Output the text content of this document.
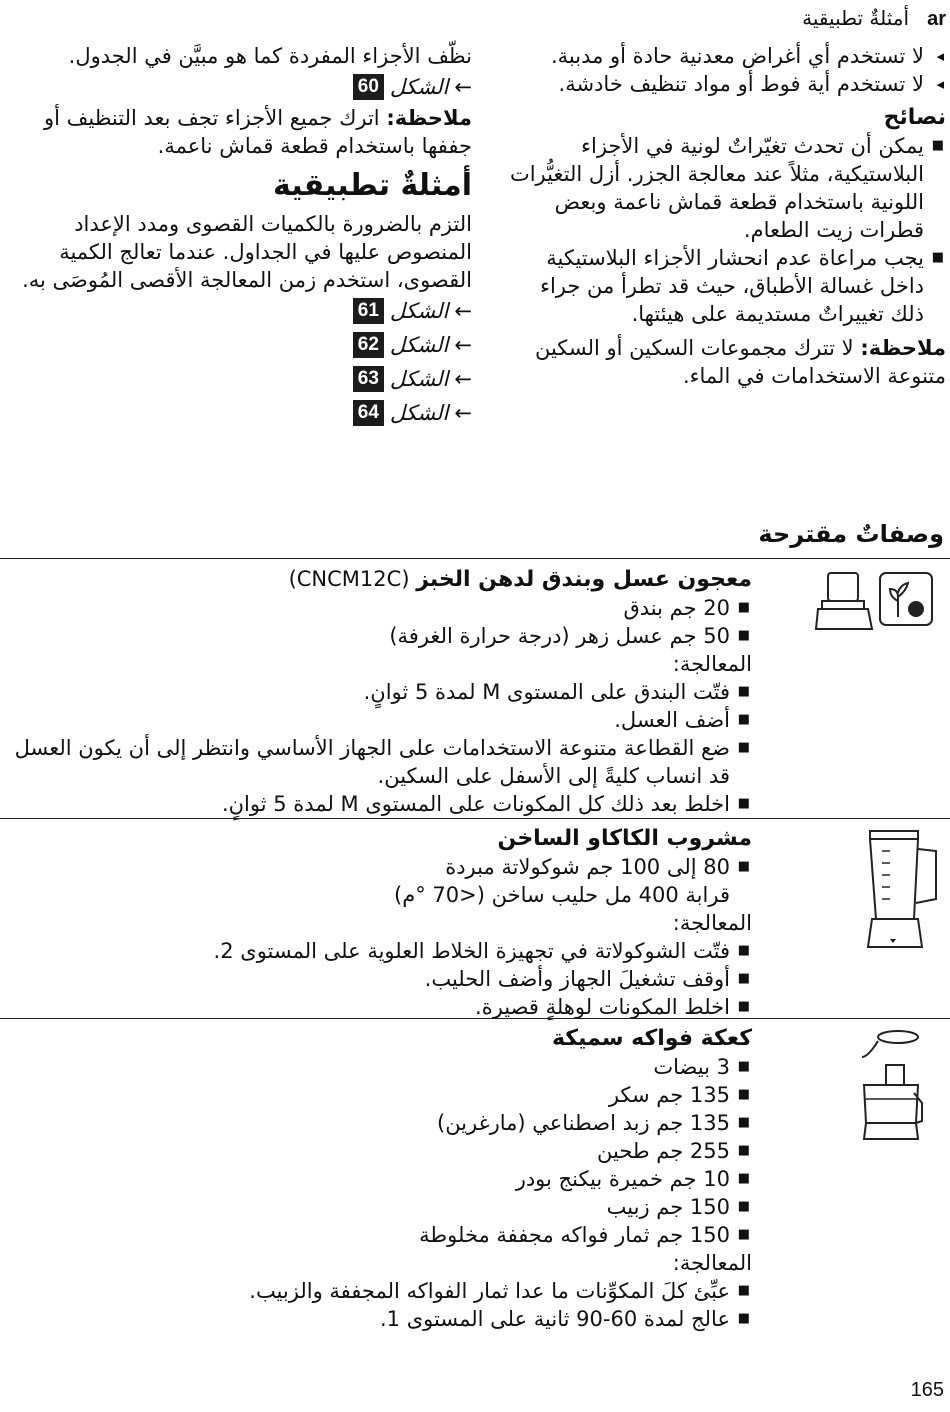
ar
أمثلةٌ تطبيقية
◂ لا تستخدم أي أغراض معدنية حادة أو مدببة.
◂ لا تستخدم أية فوط أو مواد تنظيف خادشة.
نصائح
■ يمكن أن تحدث تغيّراتٌ لونية في الأجزاء البلاستيكية، مثلاً عند معالجة الجزر. أزل التغيُّرات اللونية باستخدام قطعة قماش ناعمة وبعض قطرات زيت الطعام.
■ يجب مراعاة عدم انحشار الأجزاء البلاستيكية داخل غسالة الأطباق، حيث قد تطرأ من جراء ذلك تغييراتٌ مستديمة على هيئتها.

ملاحظة: لا تترك مجموعات السكين أو السكين متنوعة الاستخدامات في الماء.

نظّف الأجزاء المفردة كما هو مبيَّن في الجدول.

←
الشكل
60

ملاحظة: اترك جميع الأجزاء تجف بعد التنظيف أو جففها باستخدام قطعة قماش ناعمة.

أمثلةٌ تطبيقية

التزم بالضرورة بالكميات القصوى ومدد الإعداد المنصوص عليها في الجداول. عندما تعالج الكمية القصوى، استخدم زمن المعالجة الأقصى المُوصَى به.

←
الشكل
61
←
الشكل
62
←
الشكل
63
←
الشكل
64
وصفاتٌ مقترحة
معجون عسل وبندق لدهن الخبز (CNCM12C)
■ 20 جم بندق
■ 50 جم عسل زهر (درجة حرارة الغرفة)

المعالجة:

■ فتّت البندق على المستوى M لمدة 5 ثوانٍ.
■ أضف العسل.
■ ضع القطاعة متنوعة الاستخدامات على الجهاز الأساسي وانتظر إلى أن يكون العسل قد انساب كليةً إلى الأسفل على السكين.
■ اخلط بعد ذلك كل المكونات على المستوى M لمدة 5 ثوانٍ.
مشروب الكاكاو الساخن
■ 80 إلى 100 جم شوكولاتة مبردة

قرابة 400 مل حليب ساخن (<70 °م)

المعالجة:

■ فتّت الشوكولاتة في تجهيزة الخلاط العلوية على المستوى 2.
■ أوقف تشغيلَ الجهاز وأضف الحليب.
■ اخلط المكونات لوهلةٍ قصيرة.
كعكة فواكه سميكة
■ 3 بيضات
■ 135 جم سكر
■ 135 جم زبد اصطناعي (مارغرين)
■ 255 جم طحين
■ 10 جم خميرة بيكنج بودر
■ 150 جم زبيب
■ 150 جم ثمار فواكه مجففة مخلوطة

المعالجة:

■ عبِّئ كلَ المكوِّنات ما عدا ثمار الفواكه المجففة والزبيب.
■ عالج لمدة 60-90 ثانية على المستوى 1.
165
